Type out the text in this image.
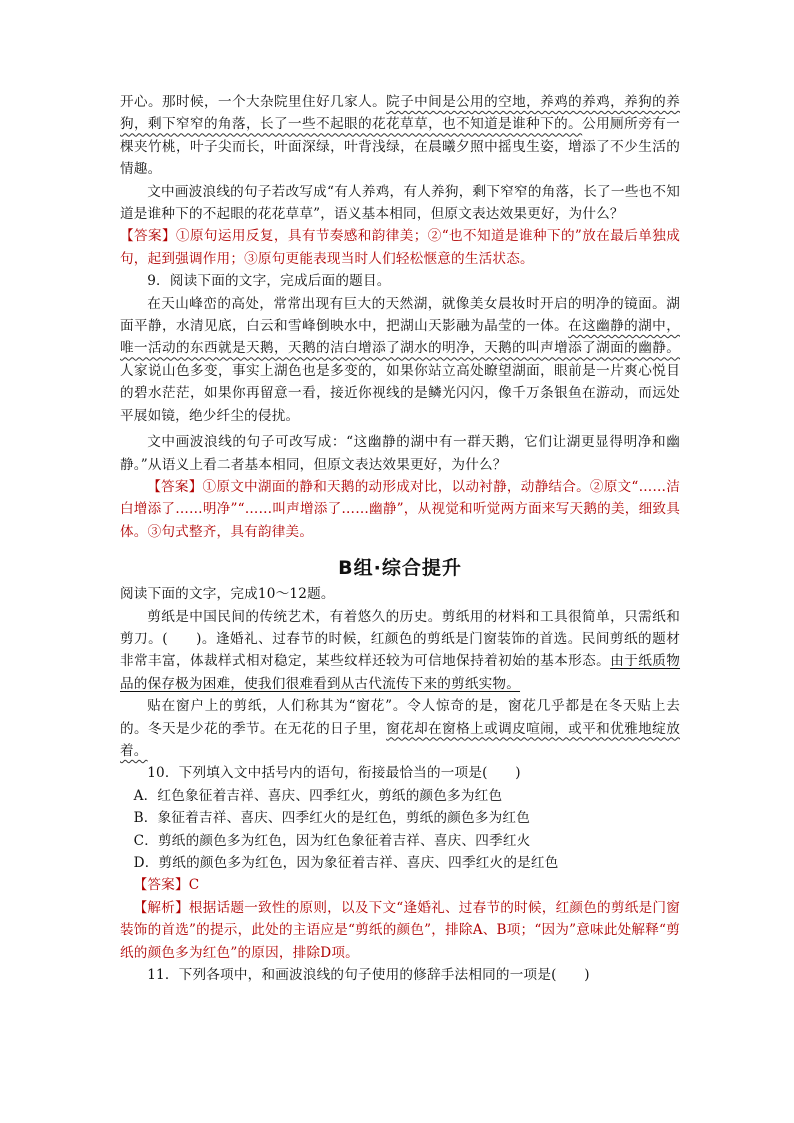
开心。那时候，一个大杂院里住好几家人。院子中间是公用的空地，养鸡的养鸡，养狗的养狗，剩下窄窄的角落，长了一些不起眼的花花草草，也不知道是谁种下的。公用厕所旁有一棵夹竹桃，叶子尖而长，叶面深绿，叶背浅绿，在晨曦夕照中摇曳生姿，增添了不少生活的情趣。

文中画波浪线的句子若改写成“有人养鸡，有人养狗，剩下窄窄的角落，长了一些也不知道是谁种下的不起眼的花花草草”，语义基本相同，但原文表达效果更好，为什么？

【答案】①原句运用反复，具有节奏感和韵律美；②“也不知道是谁种下的”放在最后单独成句，起到强调作用；③原句更能表现当时人们轻松惬意的生活状态。

9．阅读下面的文字，完成后面的题目。

在天山峰峦的高处，常常出现有巨大的天然湖，就像美女晨妆时开启的明净的镜面。湖面平静，水清见底，白云和雪峰倒映水中，把湖山天影融为晶莹的一体。在这幽静的湖中，唯一活动的东西就是天鹅，天鹅的洁白增添了湖水的明净，天鹅的叫声增添了湖面的幽静。人家说山色多变，事实上湖色也是多变的，如果你站立高处瞭望湖面，眼前是一片爽心悦目的碧水茫茫，如果你再留意一看，接近你视线的是鳞光闪闪，像千万条银鱼在游动，而远处平展如镜，绝少纤尘的侵扰。

文中画波浪线的句子可改写成：“这幽静的湖中有一群天鹅，它们让湖更显得明净和幽静。”从语义上看二者基本相同，但原文表达效果更好，为什么？

【答案】①原文中湖面的静和天鹅的动形成对比，以动衬静，动静结合。②原文“……洁白增添了……明净”“……叫声增添了……幽静”，从视觉和听觉两方面来写天鹅的美，细致具体。③句式整齐，具有韵律美。

B组·综合提升

阅读下面的文字，完成10～12题。

剪纸是中国民间的传统艺术，有着悠久的历史。剪纸用的材料和工具很简单，只需纸和剪刀。(　　)。逢婚礼、过春节的时候，红颜色的剪纸是门窗装饰的首选。民间剪纸的题材非常丰富，体裁样式相对稳定，某些纹样还较为可信地保持着初始的基本形态。由于纸质物品的保存极为困难，使我们很难看到从古代流传下来的剪纸实物。

贴在窗户上的剪纸，人们称其为“窗花”。令人惊奇的是，窗花几乎都是在冬天贴上去的。冬天是少花的季节。在无花的日子里，窗花却在窗格上或调皮喧闹，或平和优雅地绽放着。

10．下列填入文中括号内的语句，衔接最恰当的一项是(　　)

A．红色象征着吉祥、喜庆、四季红火，剪纸的颜色多为红色

B．象征着吉祥、喜庆、四季红火的是红色，剪纸的颜色多为红色

C．剪纸的颜色多为红色，因为红色象征着吉祥、喜庆、四季红火

D．剪纸的颜色多为红色，因为象征着吉祥、喜庆、四季红火的是红色

【答案】C

【解析】根据话题一致性的原则，以及下文“逢婚礼、过春节的时候，红颜色的剪纸是门窗装饰的首选”的提示，此处的主语应是“剪纸的颜色”，排除A、B项；“因为”意味此处解释“剪纸的颜色多为红色”的原因，排除D项。

11．下列各项中，和画波浪线的句子使用的修辞手法相同的一项是(　　)
